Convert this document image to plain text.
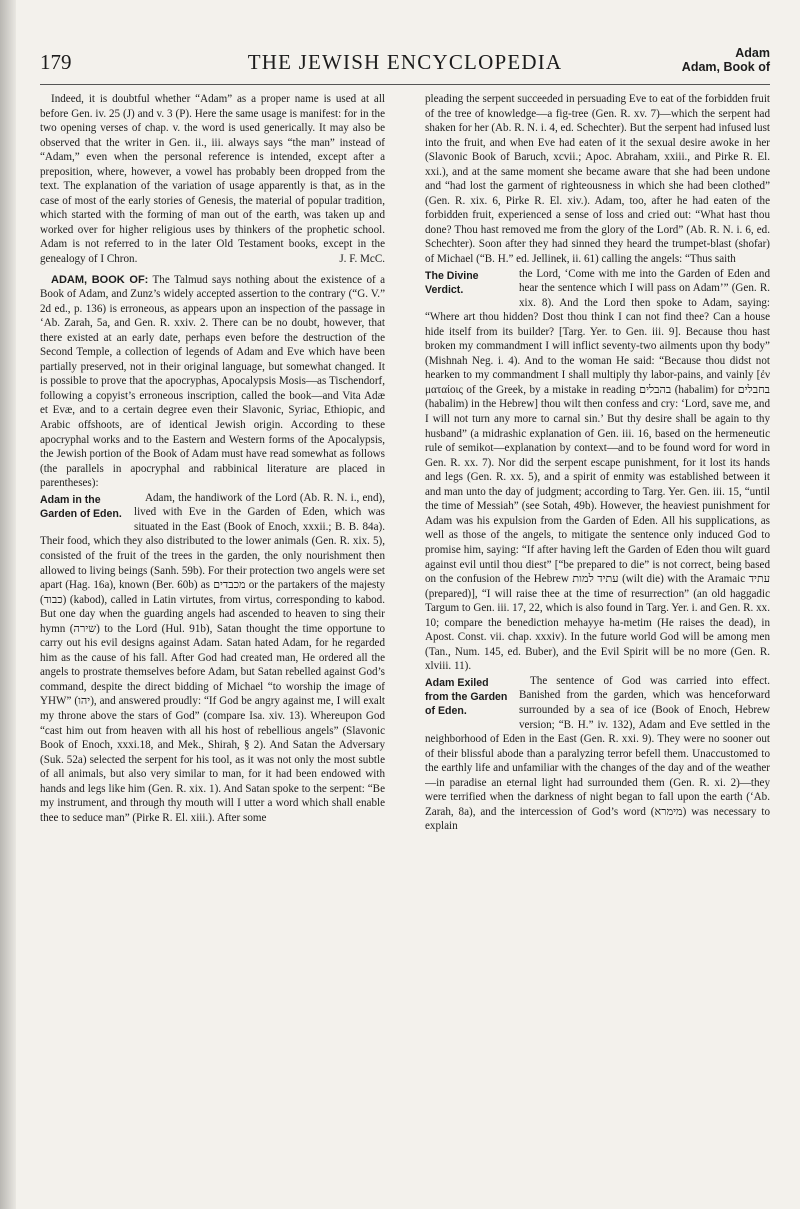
179	THE JEWISH ENCYCLOPEDIA	Adam
Adam, Book of

Indeed, it is doubtful whether “Adam” as a proper name is used at all before Gen. iv. 25 (J) and v. 3 (P). Here the same usage is manifest: for in the two opening verses of chap. v. the word is used generically. It may also be observed that the writer in Gen. ii., iii. always says “the man” instead of “Adam,” even when the personal reference is intended, except after a preposition, where, however, a vowel has probably been dropped from the text. The explanation of the variation of usage apparently is that, as in the case of most of the early stories of Genesis, the material of popular tradition, which started with the forming of man out of the earth, was taken up and worked over for higher religious uses by thinkers of the prophetic school. Adam is not referred to in the later Old Testament books, except in the genealogy of I Chron.	J. F. McC.

ADAM, BOOK OF: The Talmud says nothing about the existence of a Book of Adam, and Zunz’s widely accepted assertion to the contrary (“G. V.” 2d ed., p. 136) is erroneous, as appears upon an inspection of the passage in ‘Ab. Zarah, 5a, and Gen. R. xxiv. 2. There can be no doubt, however, that there existed at an early date, perhaps even before the destruction of the Second Temple, a collection of legends of Adam and Eve which have been partially preserved, not in their original language, but somewhat changed. It is possible to prove that the apocryphas, Apocalypsis Mosis—as Tischendorf, following a copyist’s erroneous inscription, called the book—and Vita Adæ et Evæ, and to a certain degree even their Slavonic, Syriac, Ethiopic, and Arabic offshoots, are of identical Jewish origin. According to these apocryphal works and to the Eastern and Western forms of the Apocalypsis, the Jewish portion of the Book of Adam must have read somewhat as follows (the parallels in apocryphal and rabbinical literature are placed in parentheses):

Adam in the Garden of Eden.
Adam, the handiwork of the Lord (Ab. R. N. i., end), lived with Eve in the Garden of Eden, which was situated in the East (Book of Enoch, xxxii.; B. B. 84a). Their food, which they also distributed to the lower animals (Gen. R. xix. 5), consisted of the fruit of the trees in the garden, the only nourishment then allowed to living beings (Sanh. 59b). For their protection two angels were set apart (Hag. 16a), known (Ber. 60b) as מכבדים or the partakers of the majesty (כבוד) (kabod), called in Latin virtutes, from virtus, corresponding to kabod. But one day when the guarding angels had ascended to heaven to sing their hymn (שירה) to the Lord (Hul. 91b), Satan thought the time opportune to carry out his evil designs against Adam. Satan hated Adam, for he regarded him as the cause of his fall. After God had created man, He ordered all the angels to prostrate themselves before Adam, but Satan rebelled against God’s command, despite the direct bidding of Michael “to worship the image of YHW” (יהו), and answered proudly: “If God be angry against me, I will exalt my throne above the stars of God” (compare Isa. xiv. 13). Whereupon God “cast him out from heaven with all his host of rebellious angels” (Slavonic Book of Enoch, xxxi.18, and Mek., Shirah, § 2). And Satan the Adversary (Suk. 52a) selected the serpent for his tool, as it was not only the most subtle of all animals, but also very similar to man, for it had been endowed with hands and legs like him (Gen. R. xix. 1). And Satan spoke to the serpent: “Be my instrument, and through thy mouth will I utter a word which shall enable thee to seduce man” (Pirke R. El. xiii.). After some

pleading the serpent succeeded in persuading Eve to eat of the forbidden fruit of the tree of knowledge—a fig-tree (Gen. R. xv. 7)—which the serpent had shaken for her (Ab. R. N. i. 4, ed. Schechter). But the serpent had infused lust into the fruit, and when Eve had eaten of it the sexual desire awoke in her (Slavonic Book of Baruch, xcvii.; Apoc. Abraham, xxiii., and Pirke R. El. xxi.), and at the same moment she became aware that she had been undone and “had lost the garment of righteousness in which she had been clothed” (Gen. R. xix. 6, Pirke R. El. xiv.). Adam, too, after he had eaten of the forbidden fruit, experienced a sense of loss and cried out: “What hast thou done? Thou hast removed me from the glory of the Lord” (Ab. R. N. i. 6, ed. Schechter). Soon after they had sinned they heard the trumpet-blast (shofar) of Michael (“B. H.” ed. Jellinek, ii. 61) calling the angels: “Thus saith

The Divine Verdict.
the Lord, ‘Come with me into the Garden of Eden and hear the sentence which I will pass on Adam’” (Gen. R. xix. 8). And the Lord then spoke to Adam, saying: “Where art thou hidden? Dost thou think I can not find thee? Can a house hide itself from its builder? [Targ. Yer. to Gen. iii. 9]. Because thou hast broken my commandment I will inflict seventy-two ailments upon thy body” (Mishnah Neg. i. 4). And to the woman He said: “Because thou didst not hearken to my commandment I shall multiply thy labor-pains, and vainly [ἐν ματαίοις of the Greek, by a mistake in reading בהבלים (habalim) for בחבלים (habalim) in the Hebrew] thou wilt then confess and cry: ‘Lord, save me, and I will not turn any more to carnal sin.’ But thy desire shall be again to thy husband” (a midrashic explanation of Gen. iii. 16, based on the hermeneutic rule of semikot—explanation by context—and to be found word for word in Gen. R. xx. 7). Nor did the serpent escape punishment, for it lost its hands and legs (Gen. R. xx. 5), and a spirit of enmity was established between it and man unto the day of judgment; according to Targ. Yer. Gen. iii. 15, “until the time of Messiah” (see Sotah, 49b). However, the heaviest punishment for Adam was his expulsion from the Garden of Eden. All his supplications, as well as those of the angels, to mitigate the sentence only induced God to promise him, saying: “If after having left the Garden of Eden thou wilt guard against evil until thou diest” [“be prepared to die” is not correct, being based on the confusion of the Hebrew עתיד למות (wilt die) with the Aramaic עתיד (prepared)], “I will raise thee at the time of resurrection” (an old haggadic Targum to Gen. iii. 17, 22, which is also found in Targ. Yer. i. and Gen. R. xx. 10; compare the benediction mehayye ha-metim (He raises the dead), in Apost. Const. vii. chap. xxxiv). In the future world God will be among men (Tan., Num. 145, ed. Buber), and the Evil Spirit will be no more (Gen. R. xlviii. 11).

Adam Exiled from the Garden of Eden.
The sentence of God was carried into effect. Banished from the garden, which was henceforward surrounded by a sea of ice (Book of Enoch, Hebrew version; “B. H.” iv. 132), Adam and Eve settled in the neighborhood of Eden in the East (Gen. R. xxi. 9). They were no sooner out of their blissful abode than a paralyzing terror befell them. Unaccustomed to the earthly life and unfamiliar with the changes of the day and of the weather—in paradise an eternal light had surrounded them (Gen. R. xi. 2)—they were terrified when the darkness of night began to fall upon the earth (‘Ab. Zarah, 8a), and the intercession of God’s word (מימרא) was necessary to explain
